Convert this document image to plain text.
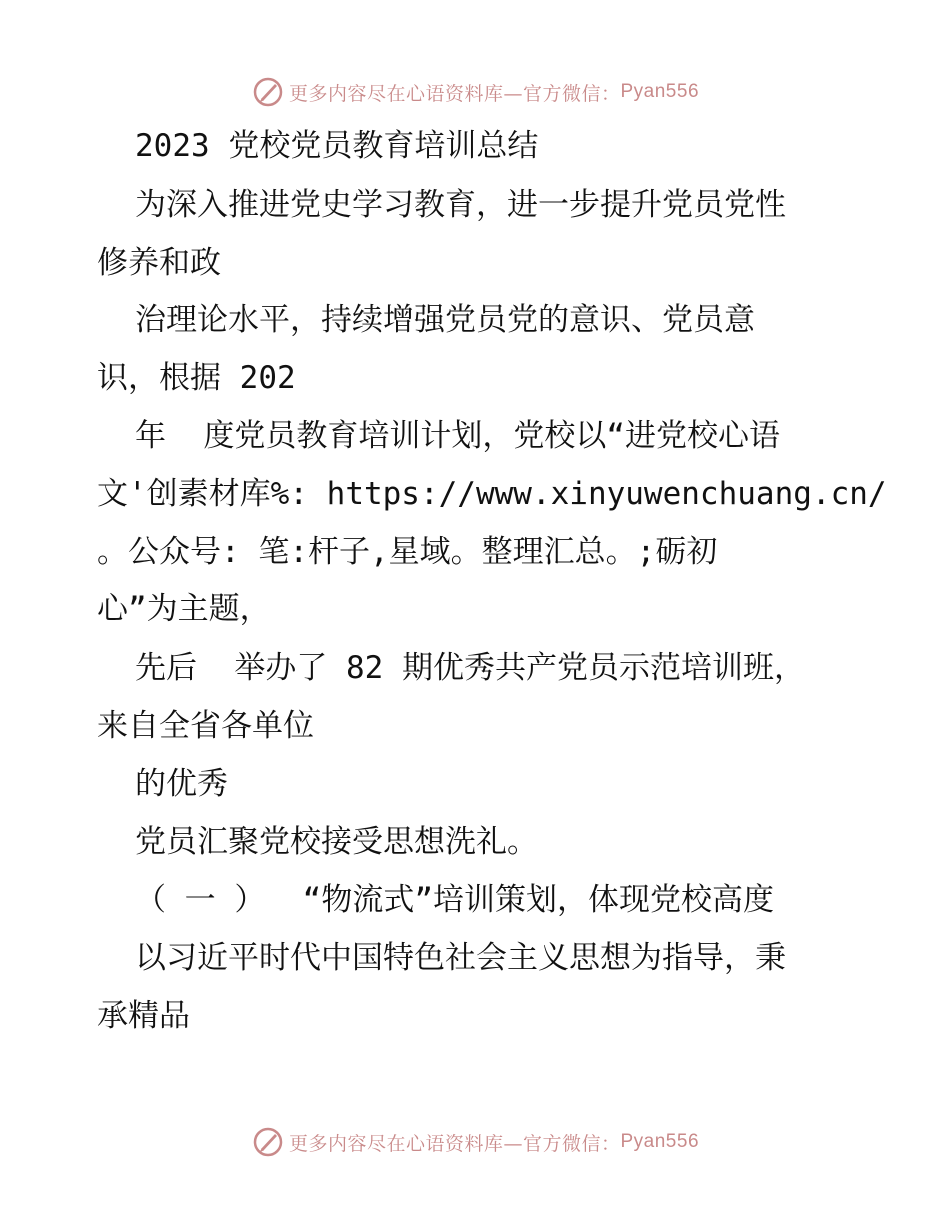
更多内容尽在心语资料库—官方微信： Pyan556

2023 党校党员教育培训总结

为深入推进党史学习教育，进一步提升党员党性

修养和政

治理论水平，持续增强党员党的意识、党员意

识，根据 202

年  度党员教育培训计划，党校以“进党校心语

文'创素材库%: https://www.xinyuwenchuang.cn/

。公众号: 笔:杆子,星域。整理汇总。;砺初

心”为主题，

先后  举办了 82 期优秀共产党员示范培训班，

来自全省各单位

的优秀

党员汇聚党校接受思想洗礼。

（ 一 ）  “物流式”培训策划，体现党校高度

以习近平时代中国特色社会主义思想为指导，秉

承精品

更多内容尽在心语资料库—官方微信： Pyan556
